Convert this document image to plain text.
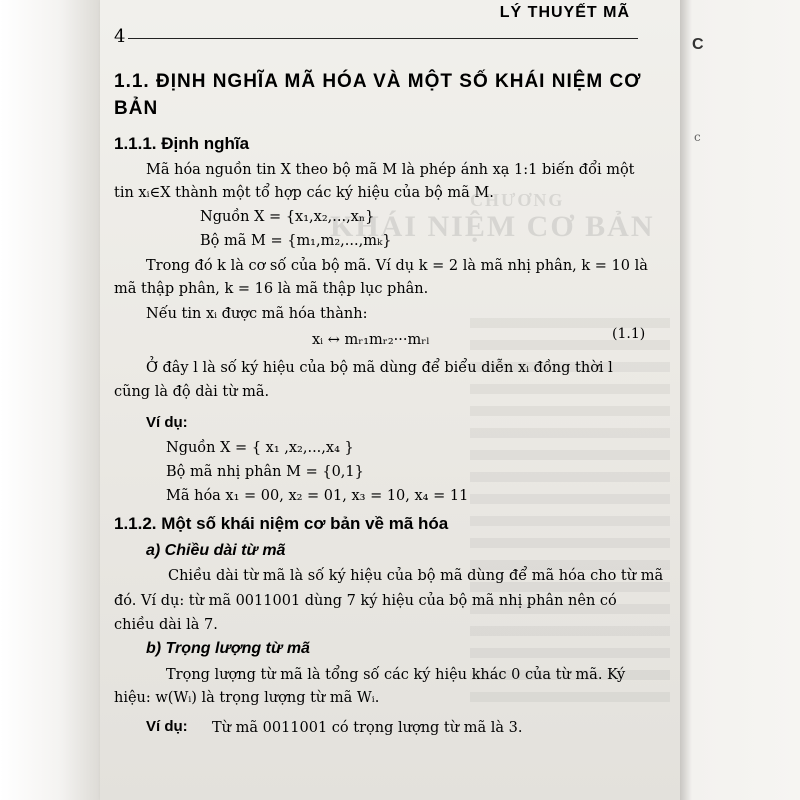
C
c
CHƯƠNG
KHÁI NIỆM CƠ BẢN
4
LÝ THUYẾT MÃ
1.1. ĐỊNH NGHĨA MÃ HÓA VÀ MỘT SỐ KHÁI NIỆM CƠ BẢN
1.1.1. Định nghĩa
Mã hóa nguồn tin X theo bộ mã M là phép ánh xạ 1:1 biến đổi một
tin xᵢ∈X thành một tổ hợp các ký hiệu của bộ mã M.
Nguồn X = {x₁,x₂,...,xₙ}
Bộ mã M = {m₁,m₂,...,mₖ}
Trong đó k là cơ số của bộ mã. Ví dụ k = 2 là mã nhị phân, k = 10 là
mã thập phân, k = 16 là mã thập lục phân.
Nếu tin xᵢ được mã hóa thành:
xᵢ ↔ mᵣ₁mᵣ₂···mᵣₗ	(1.1)
Ở đây l là số ký hiệu của bộ mã dùng để biểu diễn xᵢ đồng thời l
cũng là độ dài từ mã.
Ví dụ:
Nguồn X = { x₁ ,x₂,...,x₄ }
Bộ mã nhị phân M = {0,1}
Mã hóa x₁ = 00, x₂ = 01, x₃ = 10, x₄ = 11
1.1.2. Một số khái niệm cơ bản về mã hóa
a) Chiều dài từ mã
Chiều dài từ mã là số ký hiệu của bộ mã dùng để mã hóa cho từ mã
đó. Ví dụ: từ mã 0011001 dùng 7 ký hiệu của bộ mã nhị phân nên có
chiều dài là 7.
b) Trọng lượng từ mã
Trọng lượng từ mã là tổng số các ký hiệu khác 0 của từ mã. Ký
hiệu: w(Wᵢ) là trọng lượng từ mã Wᵢ.
Ví dụ: Từ mã 0011001 có trọng lượng từ mã là 3.
